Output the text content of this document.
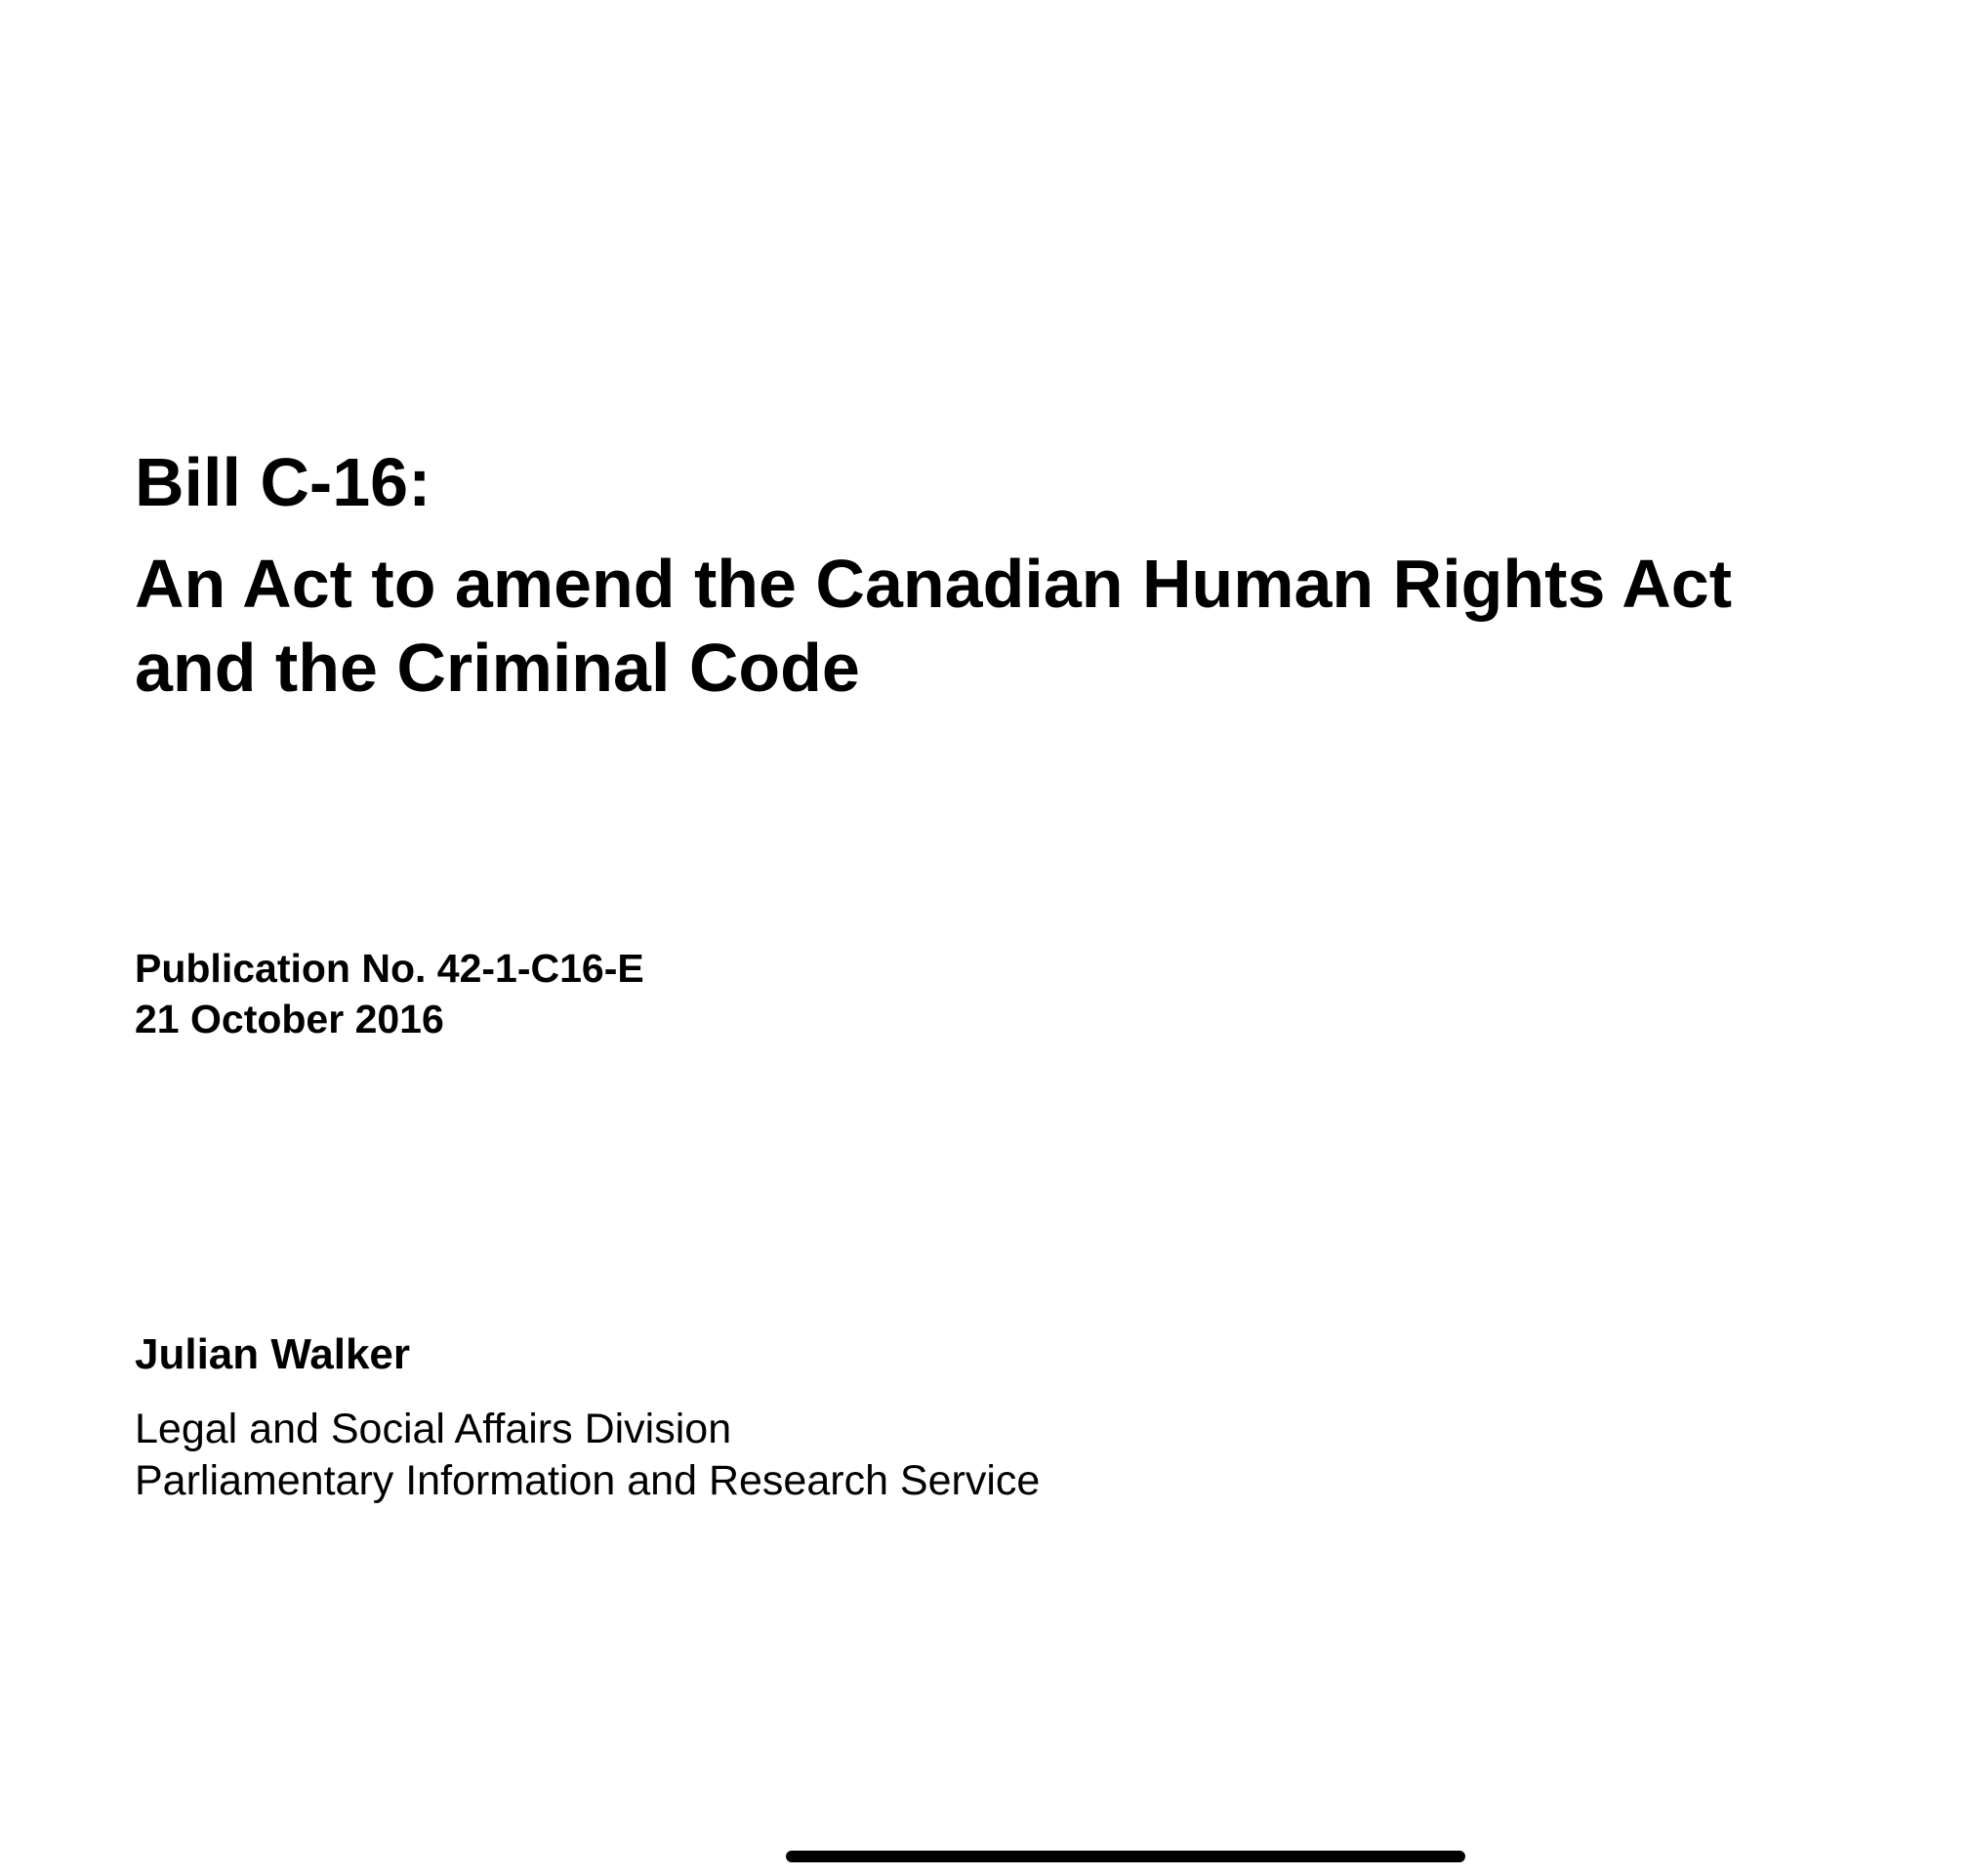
Bill C-16:
An Act to amend the Canadian Human Rights Act
and the Criminal Code
Publication No. 42-1-C16-E
21 October 2016
Julian Walker
Legal and Social Affairs Division
Parliamentary Information and Research Service
